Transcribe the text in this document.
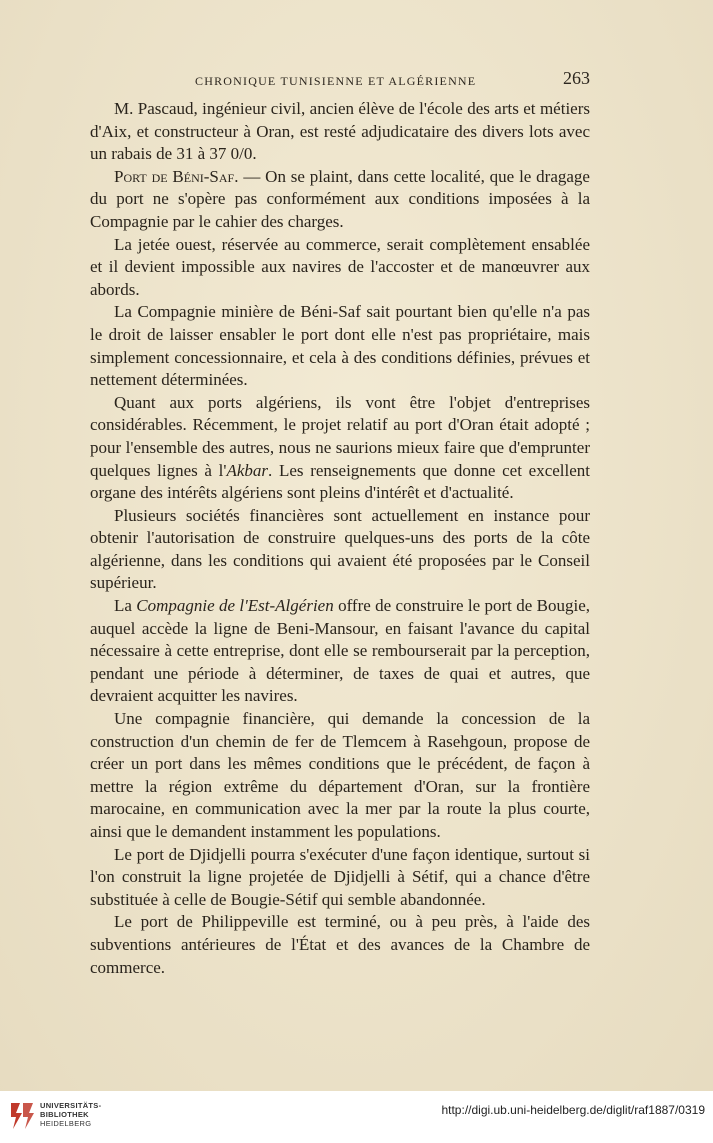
CHRONIQUE TUNISIENNE ET ALGÉRIENNE	263

M. Pascaud, ingénieur civil, ancien élève de l'école des arts et métiers d'Aix, et constructeur à Oran, est resté adjudicataire des divers lots avec un rabais de 31 à 37 0/0.

Port de Béni-Saf. — On se plaint, dans cette localité, que le dragage du port ne s'opère pas conformément aux conditions imposées à la Compagnie par le cahier des charges.

La jetée ouest, réservée au commerce, serait complètement ensablée et il devient impossible aux navires de l'accoster et de manœuvrer aux abords.

La Compagnie minière de Béni-Saf sait pourtant bien qu'elle n'a pas le droit de laisser ensabler le port dont elle n'est pas propriétaire, mais simplement concessionnaire, et cela à des conditions définies, prévues et nettement déterminées.

Quant aux ports algériens, ils vont être l'objet d'entreprises considérables. Récemment, le projet relatif au port d'Oran était adopté ; pour l'ensemble des autres, nous ne saurions mieux faire que d'emprunter quelques lignes à l'Akbar. Les renseignements que donne cet excellent organe des intérêts algériens sont pleins d'intérêt et d'actualité.

Plusieurs sociétés financières sont actuellement en instance pour obtenir l'autorisation de construire quelques-uns des ports de la côte algérienne, dans les conditions qui avaient été proposées par le Conseil supérieur.

La Compagnie de l'Est-Algérien offre de construire le port de Bougie, auquel accède la ligne de Beni-Mansour, en faisant l'avance du capital nécessaire à cette entreprise, dont elle se rembourserait par la perception, pendant une période à déterminer, de taxes de quai et autres, que devraient acquitter les navires.

Une compagnie financière, qui demande la concession de la construction d'un chemin de fer de Tlemcem à Rasehgoun, propose de créer un port dans les mêmes conditions que le précédent, de façon à mettre la région extrême du département d'Oran, sur la frontière marocaine, en communication avec la mer par la route la plus courte, ainsi que le demandent instamment les populations.

Le port de Djidjelli pourra s'exécuter d'une façon identique, surtout si l'on construit la ligne projetée de Djidjelli à Sétif, qui a chance d'être substituée à celle de Bougie-Sétif qui semble abandonnée.

Le port de Philippeville est terminé, ou à peu près, à l'aide des subventions antérieures de l'État et des avances de la Chambre de commerce.

UNIVERSITÄTS-
BIBLIOTHEK
HEIDELBERG
http://digi.ub.uni-heidelberg.de/diglit/raf1887/0319
